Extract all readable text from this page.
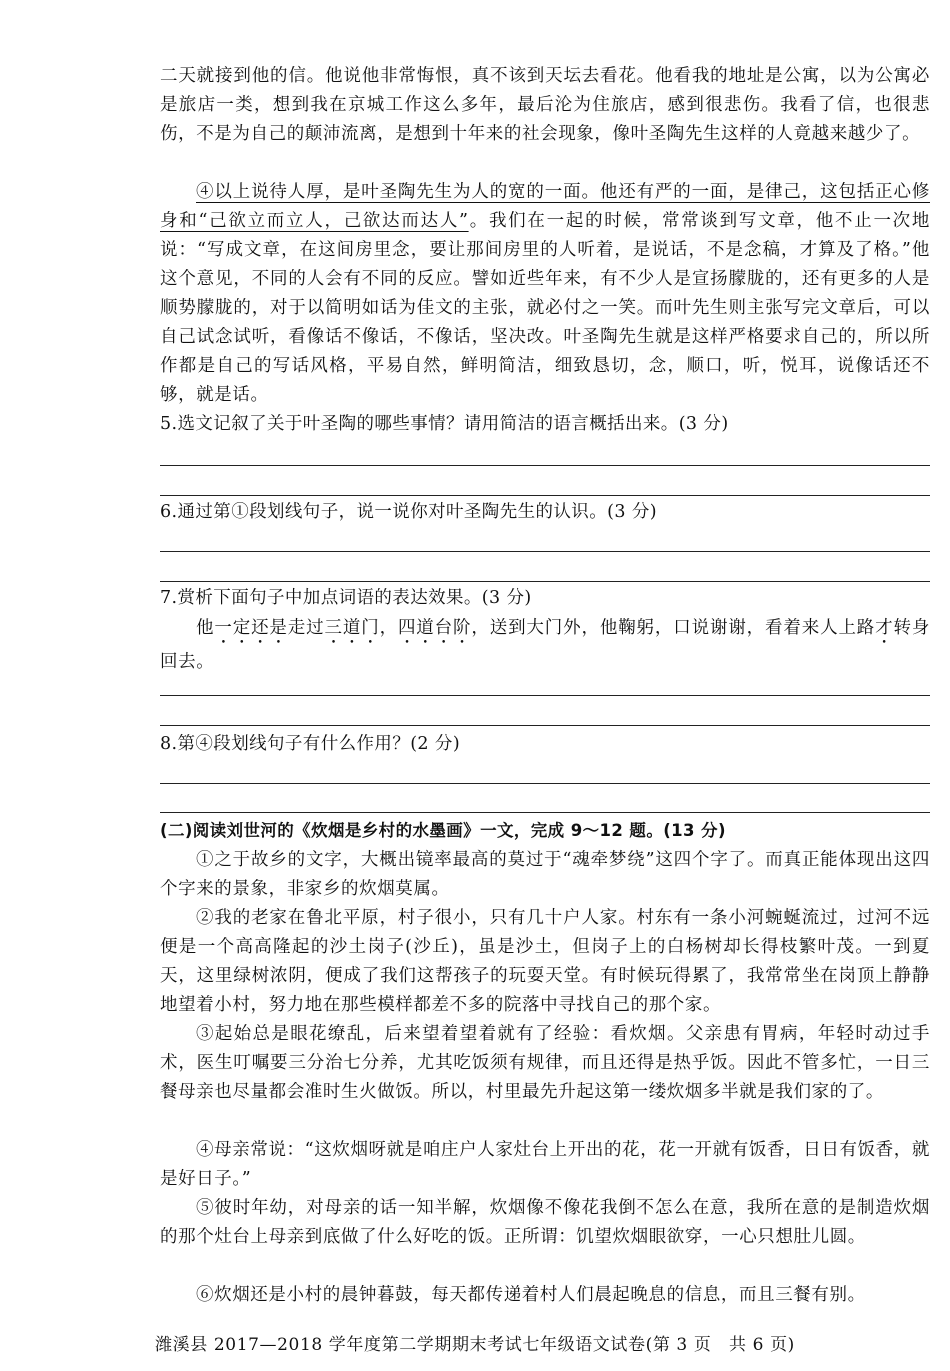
二天就接到他的信。他说他非常悔恨，真不该到天坛去看花。他看我的地址是公寓，以为公寓必是旅店一类，想到我在京城工作这么多年，最后沦为住旅店，感到很悲伤。我看了信，也很悲伤，不是为自己的颠沛流离，是想到十年来的社会现象，像叶圣陶先生这样的人竟越来越少了。

④以上说待人厚，是叶圣陶先生为人的宽的一面。他还有严的一面，是律己，这包括正心修身和“己欲立而立人，己欲达而达人”。我们在一起的时候，常常谈到写文章，他不止一次地说：“写成文章，在这间房里念，要让那间房里的人听着，是说话，不是念稿，才算及了格。”他这个意见，不同的人会有不同的反应。譬如近些年来，有不少人是宣扬朦胧的，还有更多的人是顺势朦胧的，对于以简明如话为佳文的主张，就必付之一笑。而叶先生则主张写完文章后，可以自己试念试听，看像话不像话，不像话，坚决改。叶圣陶先生就是这样严格要求自己的，所以所作都是自己的写话风格，平易自然，鲜明简洁，细致恳切，念，顺口，听，悦耳，说像话还不够，就是话。

5.选文记叙了关于叶圣陶的哪些事情？请用简洁的语言概括出来。(3 分)

6.通过第①段划线句子，说一说你对叶圣陶先生的认识。(3 分)

7.赏析下面句子中加点词语的表达效果。(3 分)

他一定还是走过三道门，四道台阶，送到大门外，他鞠躬，口说谢谢，看着来人上路才转身回去。

8.第④段划线句子有什么作用？(2 分)

(二)阅读刘世河的《炊烟是乡村的水墨画》一文，完成 9～12 题。(13 分)

①之于故乡的文字，大概出镜率最高的莫过于“魂牵梦绕”这四个字了。而真正能体现出这四个字来的景象，非家乡的炊烟莫属。

②我的老家在鲁北平原，村子很小，只有几十户人家。村东有一条小河蜿蜒流过，过河不远便是一个高高隆起的沙土岗子(沙丘)，虽是沙土，但岗子上的白杨树却长得枝繁叶茂。一到夏天，这里绿树浓阴，便成了我们这帮孩子的玩耍天堂。有时候玩得累了，我常常坐在岗顶上静静地望着小村，努力地在那些模样都差不多的院落中寻找自己的那个家。

③起始总是眼花缭乱，后来望着望着就有了经验：看炊烟。父亲患有胃病，年轻时动过手术，医生叮嘱要三分治七分养，尤其吃饭须有规律，而且还得是热乎饭。因此不管多忙，一日三餐母亲也尽量都会准时生火做饭。所以，村里最先升起这第一缕炊烟多半就是我们家的了。

④母亲常说：“这炊烟呀就是咱庄户人家灶台上开出的花，花一开就有饭香，日日有饭香，就是好日子。”

⑤彼时年幼，对母亲的话一知半解，炊烟像不像花我倒不怎么在意，我所在意的是制造炊烟的那个灶台上母亲到底做了什么好吃的饭。正所谓：饥望炊烟眼欲穿，一心只想肚儿圆。

⑥炊烟还是小村的晨钟暮鼓，每天都传递着村人们晨起晚息的信息，而且三餐有别。

潍溪县 2017—2018 学年度第二学期期末考试七年级语文试卷(第 3 页　共 6 页)
